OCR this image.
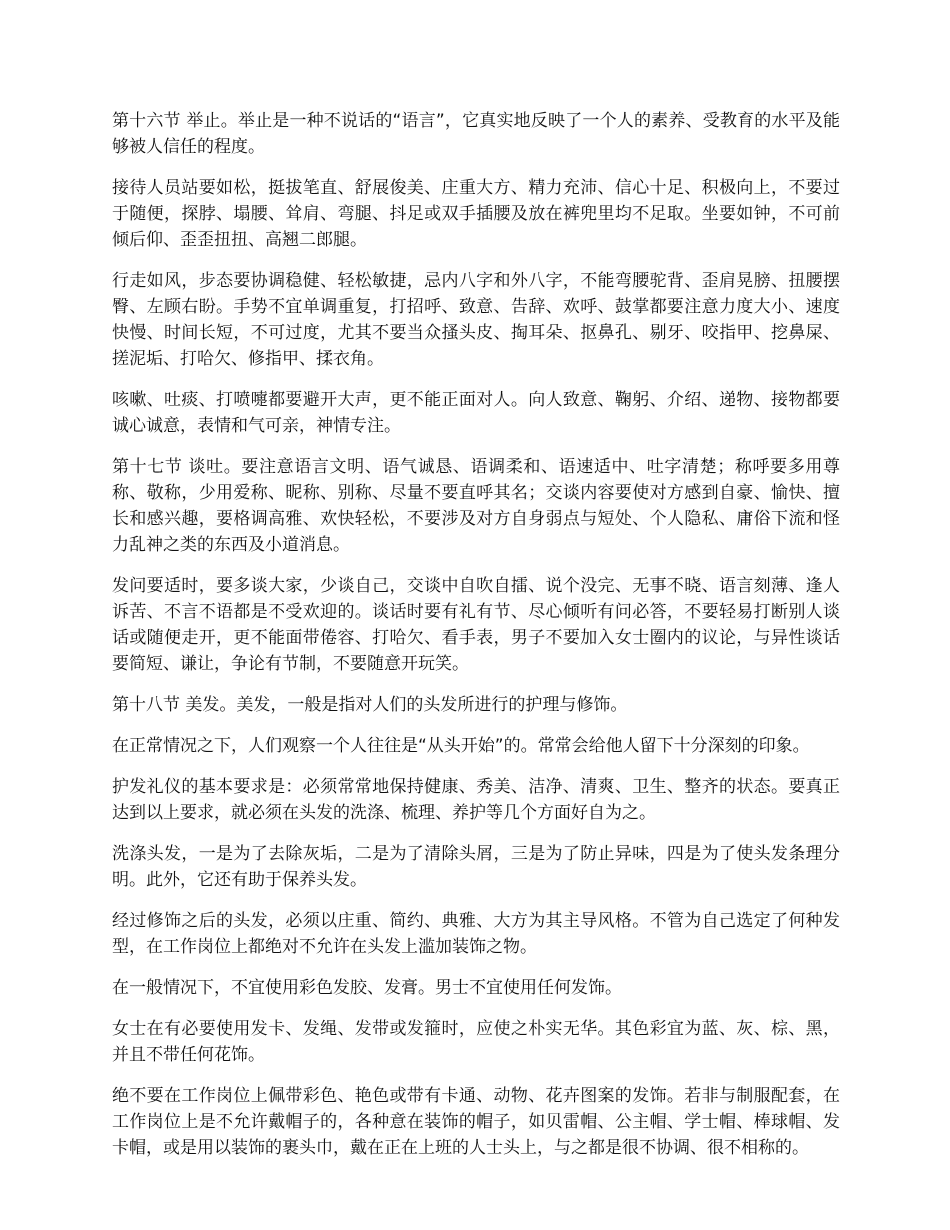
第十六节 举止。举止是一种不说话的“语言”，它真实地反映了一个人的素养、受教育的水平及能够被人信任的程度。

接待人员站要如松，挺拔笔直、舒展俊美、庄重大方、精力充沛、信心十足、积极向上，不要过于随便，探脖、塌腰、耸肩、弯腿、抖足或双手插腰及放在裤兜里均不足取。坐要如钟，不可前倾后仰、歪歪扭扭、高翘二郎腿。

行走如风，步态要协调稳健、轻松敏捷，忌内八字和外八字，不能弯腰驼背、歪肩晃膀、扭腰摆臀、左顾右盼。手势不宜单调重复，打招呼、致意、告辞、欢呼、鼓掌都要注意力度大小、速度快慢、时间长短，不可过度，尤其不要当众搔头皮、掏耳朵、抠鼻孔、剔牙、咬指甲、挖鼻屎、搓泥垢、打哈欠、修指甲、揉衣角。

咳嗽、吐痰、打喷嚏都要避开大声，更不能正面对人。向人致意、鞠躬、介绍、递物、接物都要诚心诚意，表情和气可亲，神情专注。

第十七节 谈吐。要注意语言文明、语气诚恳、语调柔和、语速适中、吐字清楚；称呼要多用尊称、敬称，少用爱称、昵称、别称、尽量不要直呼其名；交谈内容要使对方感到自豪、愉快、擅长和感兴趣，要格调高雅、欢快轻松，不要涉及对方自身弱点与短处、个人隐私、庸俗下流和怪力乱神之类的东西及小道消息。

发问要适时，要多谈大家，少谈自己，交谈中自吹自擂、说个没完、无事不晓、语言刻薄、逢人诉苦、不言不语都是不受欢迎的。谈话时要有礼有节、尽心倾听有问必答，不要轻易打断别人谈话或随便走开，更不能面带倦容、打哈欠、看手表，男子不要加入女士圈内的议论，与异性谈话要简短、谦让，争论有节制，不要随意开玩笑。

第十八节 美发。美发，一般是指对人们的头发所进行的护理与修饰。

在正常情况之下，人们观察一个人往往是“从头开始”的。常常会给他人留下十分深刻的印象。

护发礼仪的基本要求是：必须常常地保持健康、秀美、洁净、清爽、卫生、整齐的状态。要真正达到以上要求，就必须在头发的洗涤、梳理、养护等几个方面好自为之。

洗涤头发，一是为了去除灰垢，二是为了清除头屑，三是为了防止异味，四是为了使头发条理分明。此外，它还有助于保养头发。

经过修饰之后的头发，必须以庄重、简约、典雅、大方为其主导风格。不管为自己选定了何种发型，在工作岗位上都绝对不允许在头发上滥加装饰之物。

在一般情况下，不宜使用彩色发胶、发膏。男士不宜使用任何发饰。

女士在有必要使用发卡、发绳、发带或发箍时，应使之朴实无华。其色彩宜为蓝、灰、棕、黑，并且不带任何花饰。

绝不要在工作岗位上佩带彩色、艳色或带有卡通、动物、花卉图案的发饰。若非与制服配套，在工作岗位上是不允许戴帽子的，各种意在装饰的帽子，如贝雷帽、公主帽、学士帽、棒球帽、发卡帽，或是用以装饰的裹头巾，戴在正在上班的人士头上，与之都是很不协调、很不相称的。
